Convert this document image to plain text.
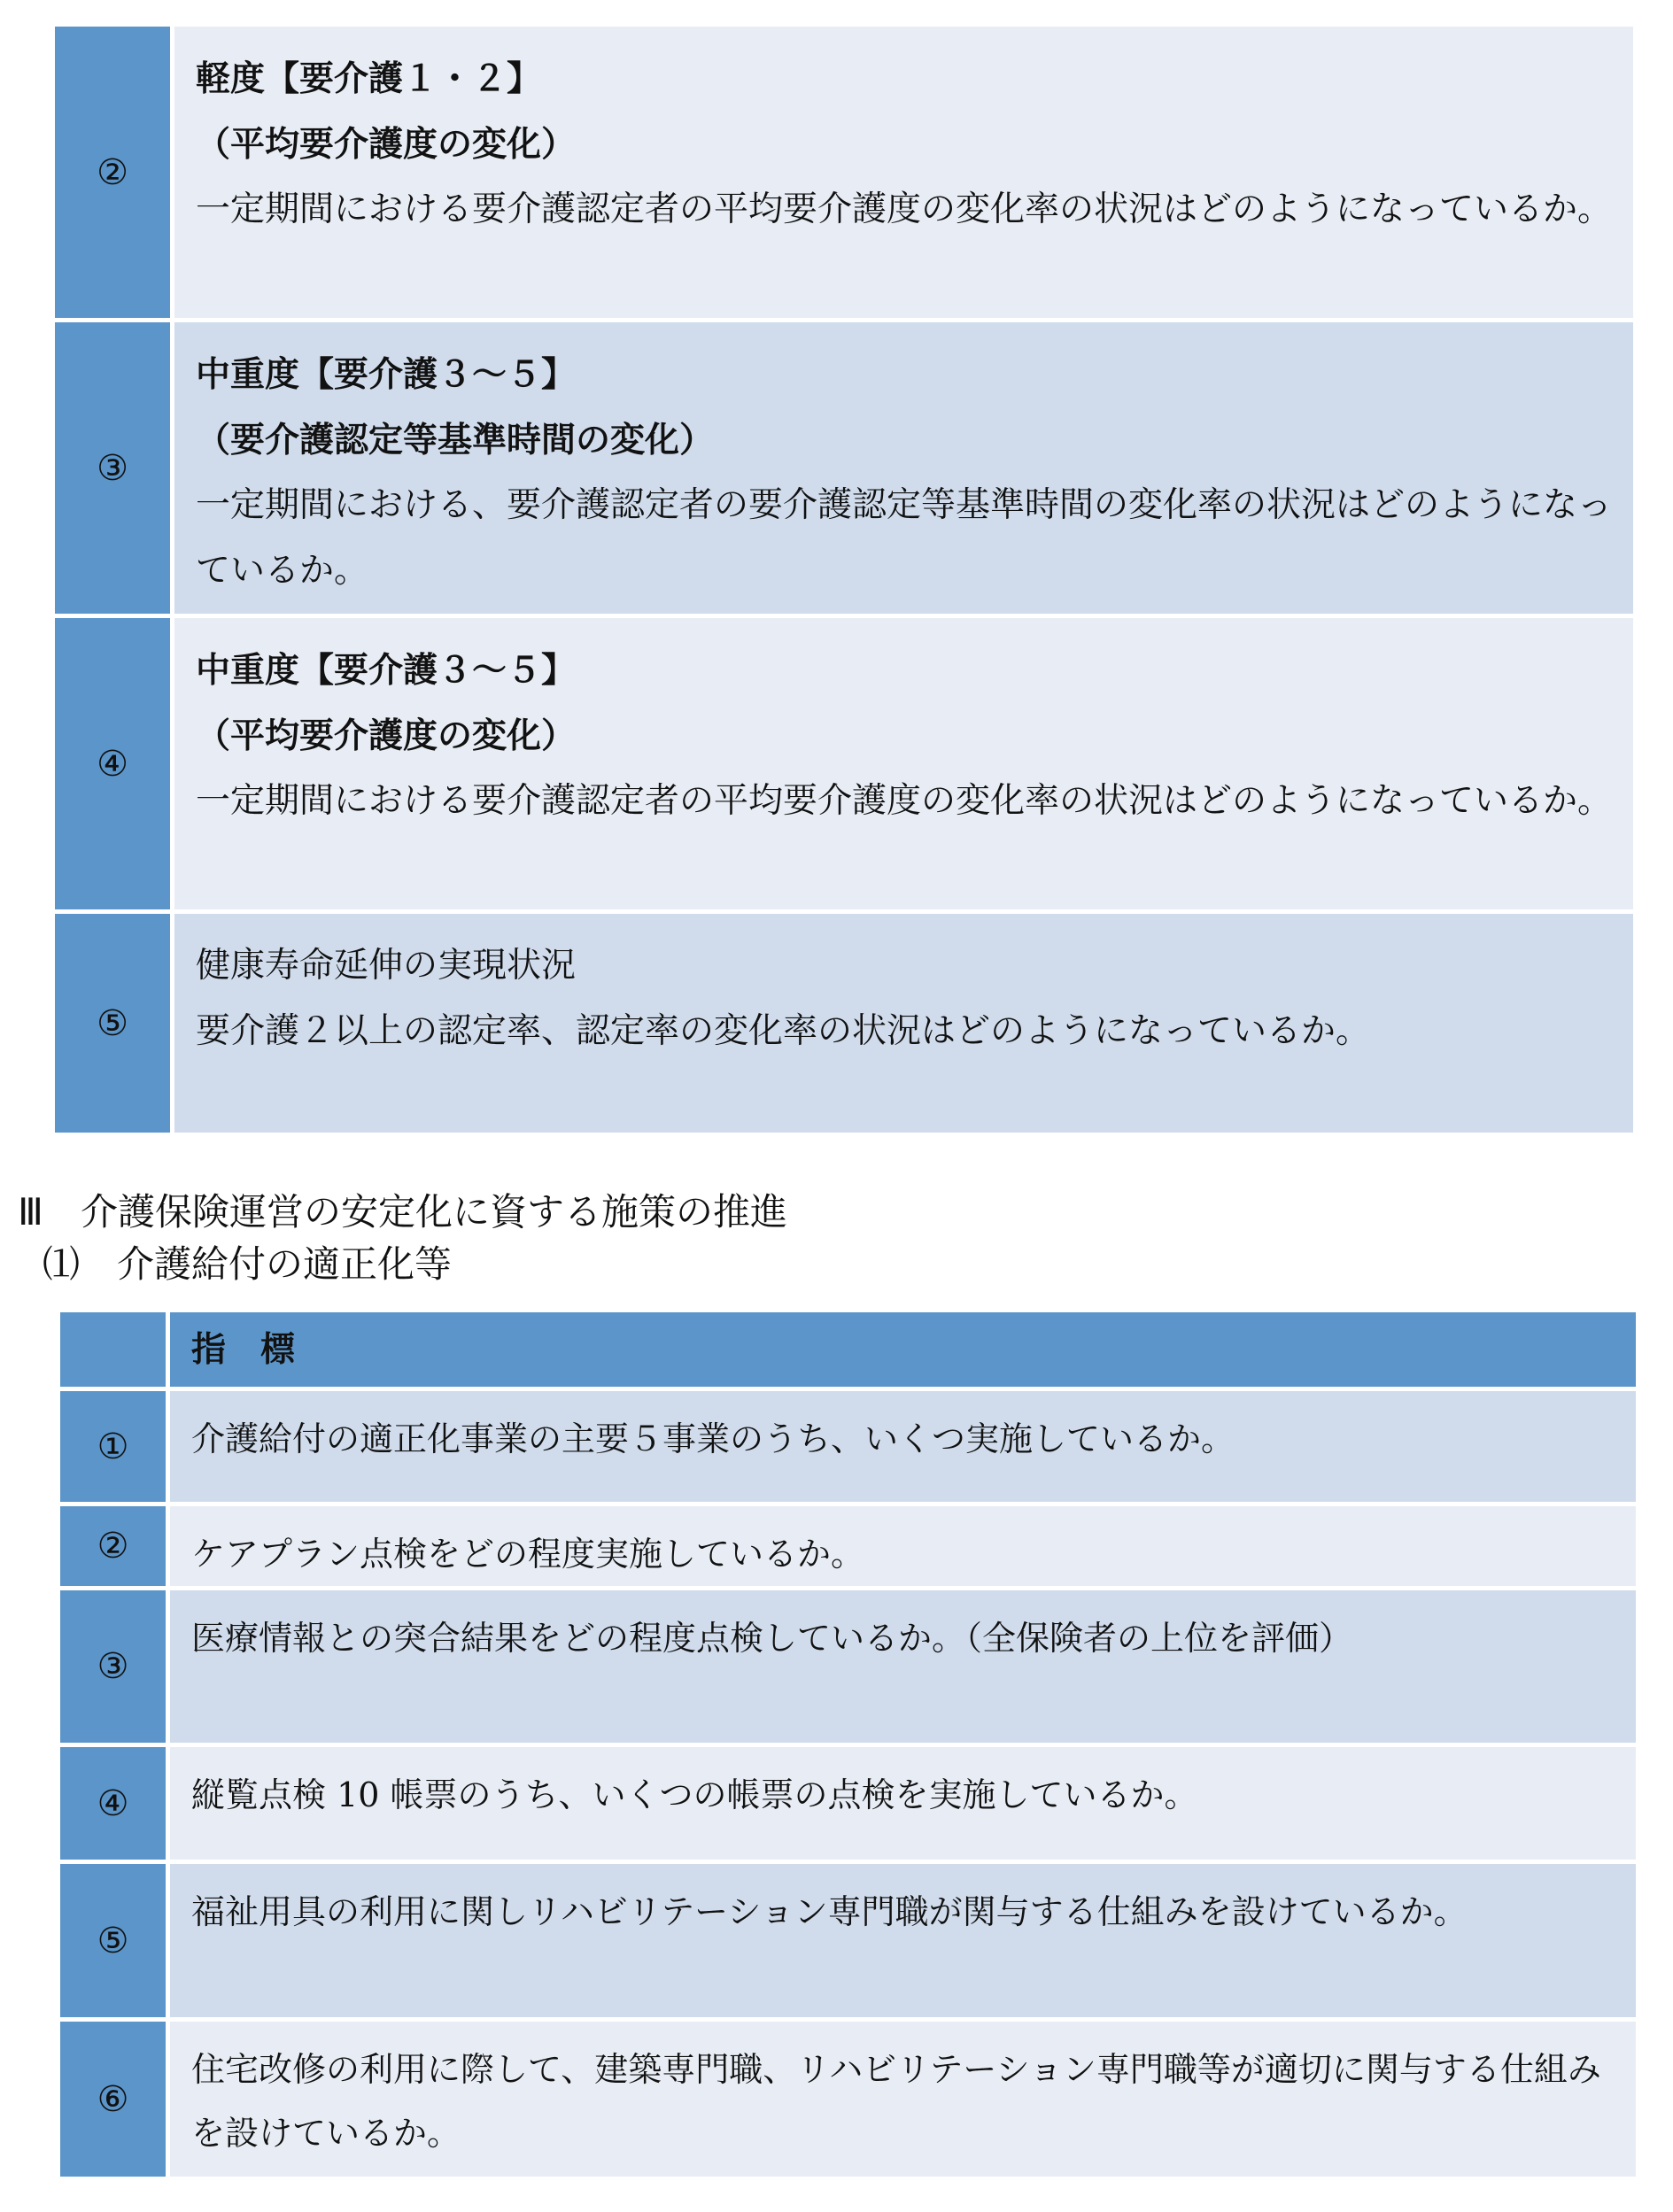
②	軽度【要介護１・２】
（平均要介護度の変化）
一定期間における要介護認定者の平均要介護度の変化率の状況はどのようになっているか。

③	中重度【要介護３～５】
（要介護認定等基準時間の変化）
一定期間における、要介護認定者の要介護認定等基準時間の変化率の状況はどのようになっているか。

④	中重度【要介護３～５】
（平均要介護度の変化）
一定期間における要介護認定者の平均要介護度の変化率の状況はどのようになっているか。

⑤	健康寿命延伸の実現状況
要介護２以上の認定率、認定率の変化率の状況はどのようになっているか。
Ⅲ　介護保険運営の安定化に資する施策の推進
⑴　介護給付の適正化等
	指　標
①	介護給付の適正化事業の主要５事業のうち、いくつ実施しているか。
②	ケアプラン点検をどの程度実施しているか。
③	医療情報との突合結果をどの程度点検しているか。（全保険者の上位を評価）
④	縦覧点検 10 帳票のうち、いくつの帳票の点検を実施しているか。
⑤	福祉用具の利用に関しリハビリテーション専門職が関与する仕組みを設けているか。
⑥	住宅改修の利用に際して、建築専門職、リハビリテーション専門職等が適切に関与する仕組みを設けているか。
